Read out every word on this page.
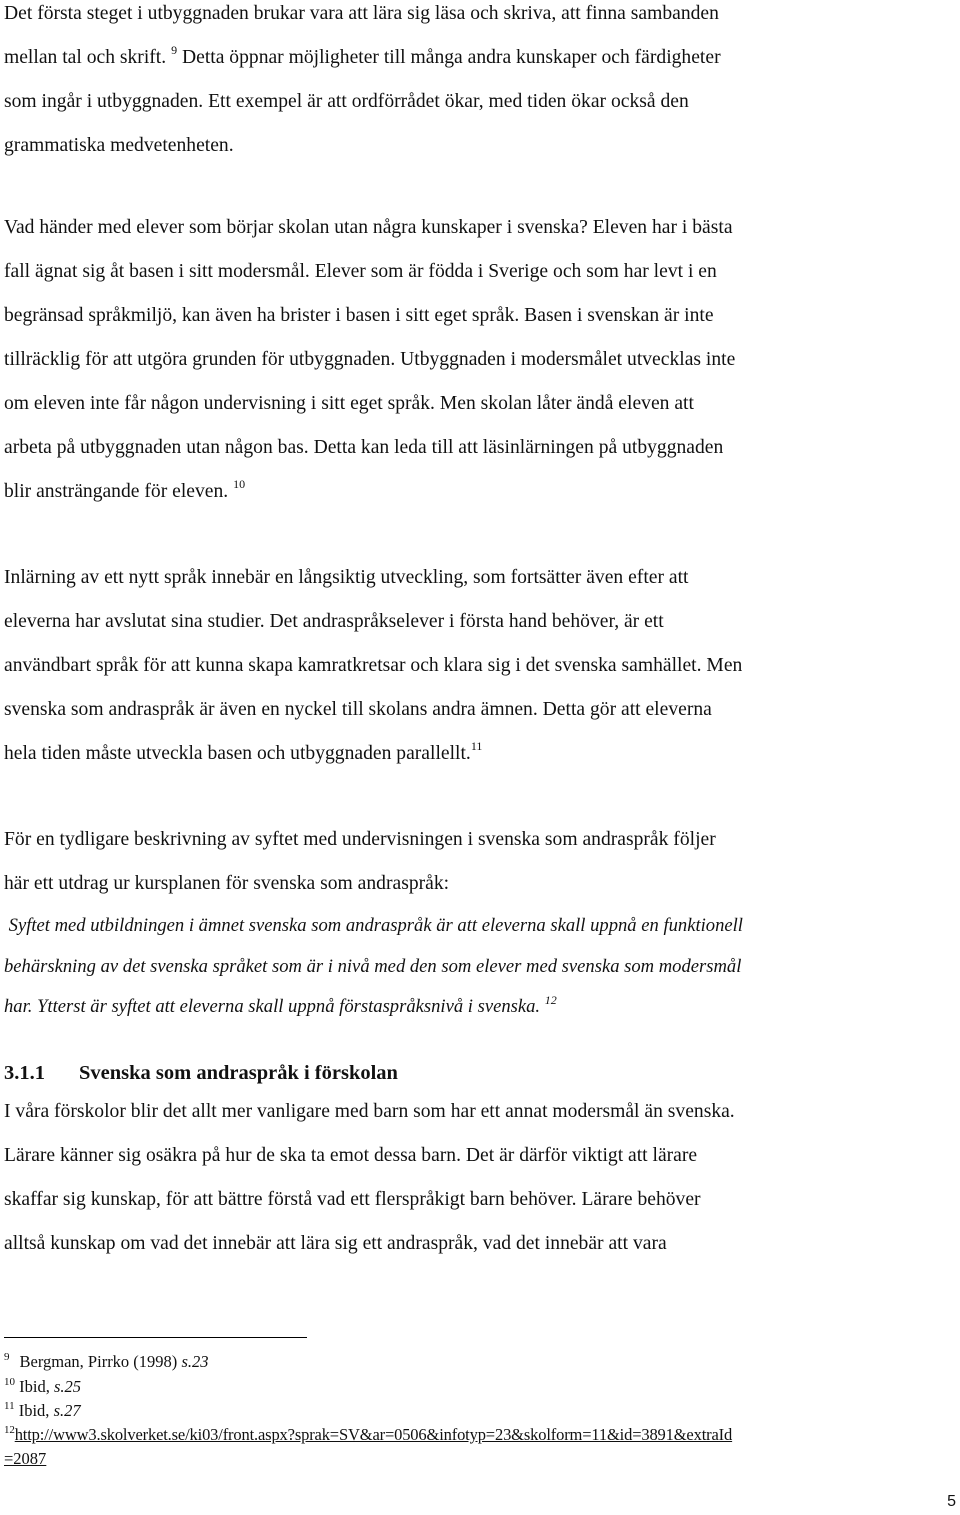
Det första steget i utbyggnaden brukar vara att lära sig läsa och skriva, att finna sambanden
mellan tal och skrift. $^9$ Detta öppnar möjligheter till många andra kunskaper och färdigheter
som ingår i utbyggnaden. Ett exempel är att ordförrådet ökar, med tiden ökar också den
grammatiska medvetenheten.
Vad händer med elever som börjar skolan utan några kunskaper i svenska? Eleven har i bästa
fall ägnat sig åt basen i sitt modersmål. Elever som är födda i Sverige och som har levt i en
begränsad språkmiljö, kan även ha brister i basen i sitt eget språk. Basen i svenskan är inte
tillräcklig för att utgöra grunden för utbyggnaden. Utbyggnaden i modersmålet utvecklas inte
om eleven inte får någon undervisning i sitt eget språk. Men skolan låter ändå eleven att
arbeta på utbyggnaden utan någon bas. Detta kan leda till att läsinlärningen på utbyggnaden
blir ansträngande för eleven. $^{10}$
Inlärning av ett nytt språk innebär en långsiktig utveckling, som fortsätter även efter att
eleverna har avslutat sina studier. Det andraspråkselever i första hand behöver, är ett
användbart språk för att kunna skapa kamratkretsar och klara sig i det svenska samhället. Men
svenska som andraspråk är även en nyckel till skolans andra ämnen. Detta gör att eleverna
hela tiden måste utveckla basen och utbyggnaden parallellt.$^{11}$
För en tydligare beskrivning av syftet med undervisningen i svenska som andraspråk följer
här ett utdrag ur kursplanen för svenska som andraspråk:
Syftet med utbildningen i ämnet svenska som andraspråk är att eleverna skall uppnå en funktionell
behärskning av det svenska språket som är i nivå med den som elever med svenska som modersmål
har. Ytterst är syftet att eleverna skall uppnå förstaspråksnivå i svenska. $^{12}$
3.1.1 Svenska som andraspråk i förskolan
I våra förskolor blir det allt mer vanligare med barn som har ett annat modersmål än svenska.
Lärare känner sig osäkra på hur de ska ta emot dessa barn. Det är därför viktigt att lärare
skaffar sig kunskap, för att bättre förstå vad ett flerspråkigt barn behöver. Lärare behöver
alltså kunskap om vad det innebär att lära sig ett andraspråk, vad det innebär att vara
$^9$ Bergman, Pirrko (1998) s.23
$^{10}$ Ibid, s.25
$^{11}$ Ibid, s.27
$^{12}$http://www3.skolverket.se/ki03/front.aspx?sprak=SV&ar=0506&infotyp=23&skolform=11&id=3891&extraId
=2087
5
